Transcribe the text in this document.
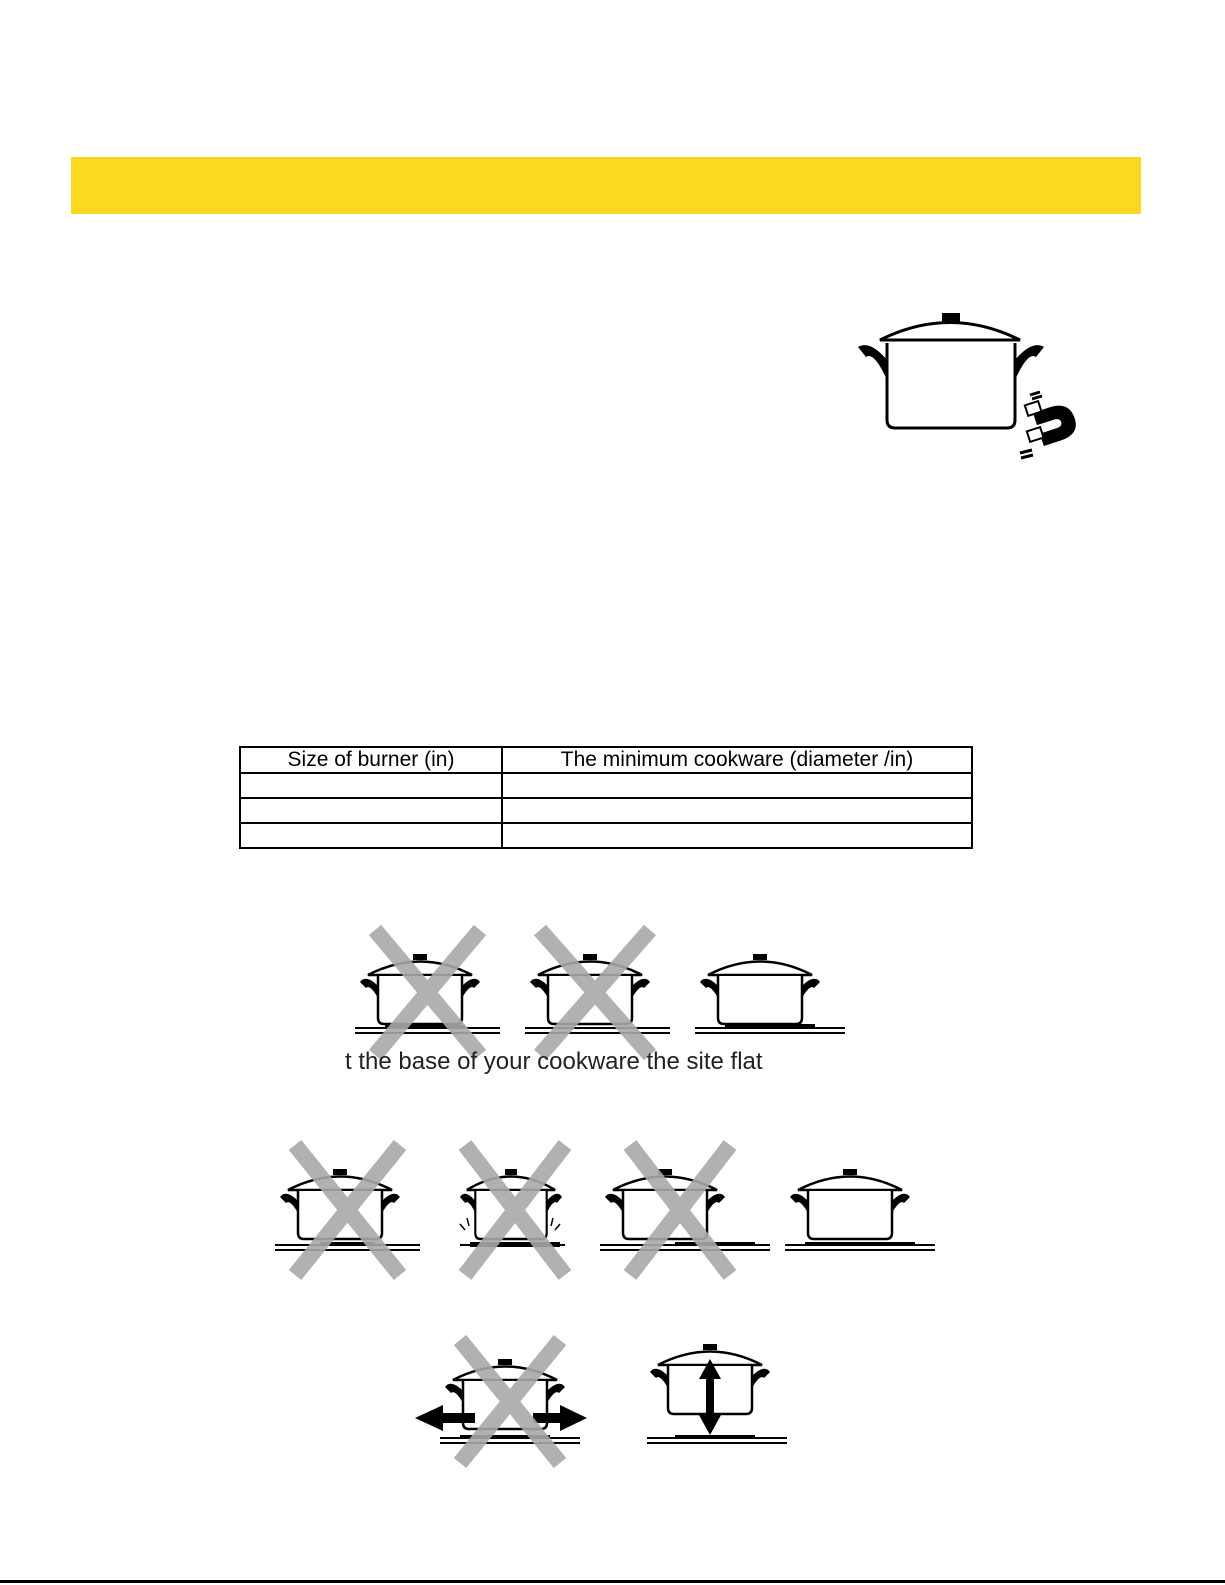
Size of burner (in)	The minimum cookware (diameter /in)

t the base of your cookware the site flat
